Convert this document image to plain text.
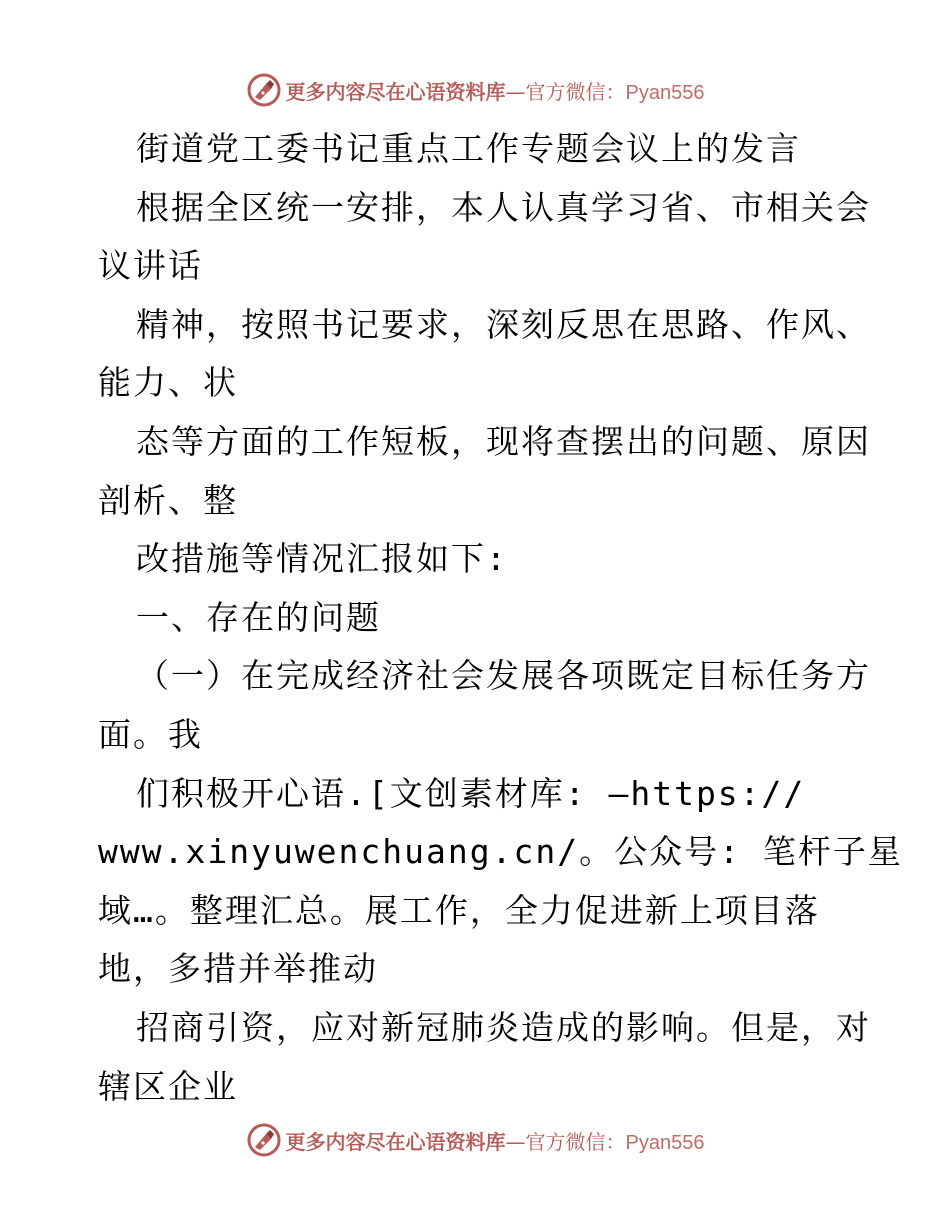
更多内容尽在心语资料库—官方微信：Pyan556
街道党工委书记重点工作专题会议上的发言
根据全区统一安排，本人认真学习省、市相关会
议讲话
精神，按照书记要求，深刻反思在思路、作风、
能力、状
态等方面的工作短板，现将查摆出的问题、原因
剖析、整
改措施等情况汇报如下:
一、存在的问题
（一）在完成经济社会发展各项既定目标任务方
面。我
们积极开心语.[文创素材库: —https://
www.xinyuwenchuang.cn/。公众号: 笔杆子星
域…。整理汇总。展工作，全力促进新上项目落
地，多措并举推动
招商引资，应对新冠肺炎造成的影响。但是，对
辖区企业
更多内容尽在心语资料库—官方微信：Pyan556
